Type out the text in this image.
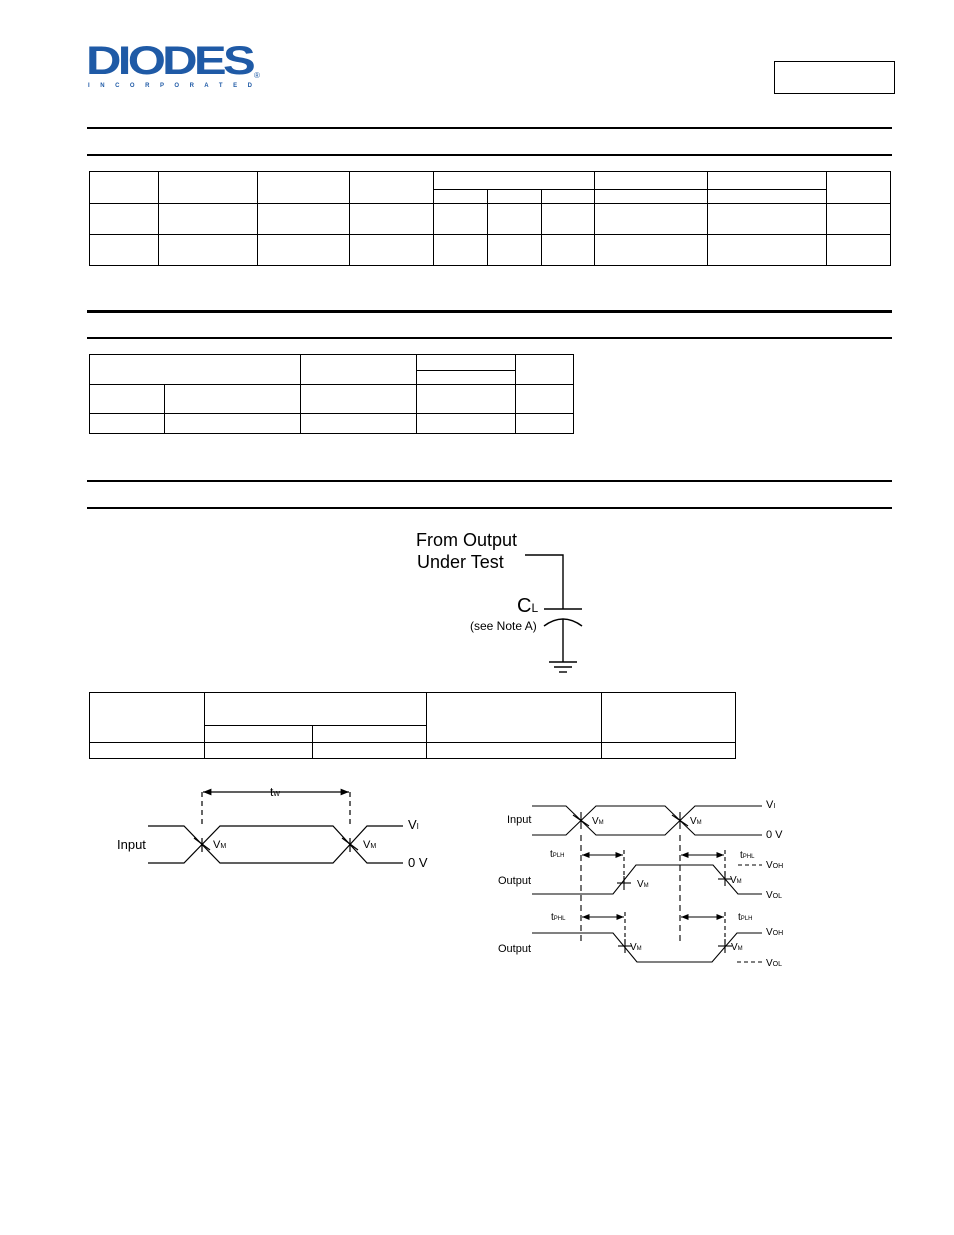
DIODES ®
I N C O R P O R A T E D

From Output
Under Test
CL
(see Note A)
tW
Input
VI
0 V
VM	VM
Input
Output
Output
VI
0 V
VOH
VOL
VOH
VOL
VM	VM
VM	VM
VM	VM
tPLH	tPHL
tPHL	tPLH
